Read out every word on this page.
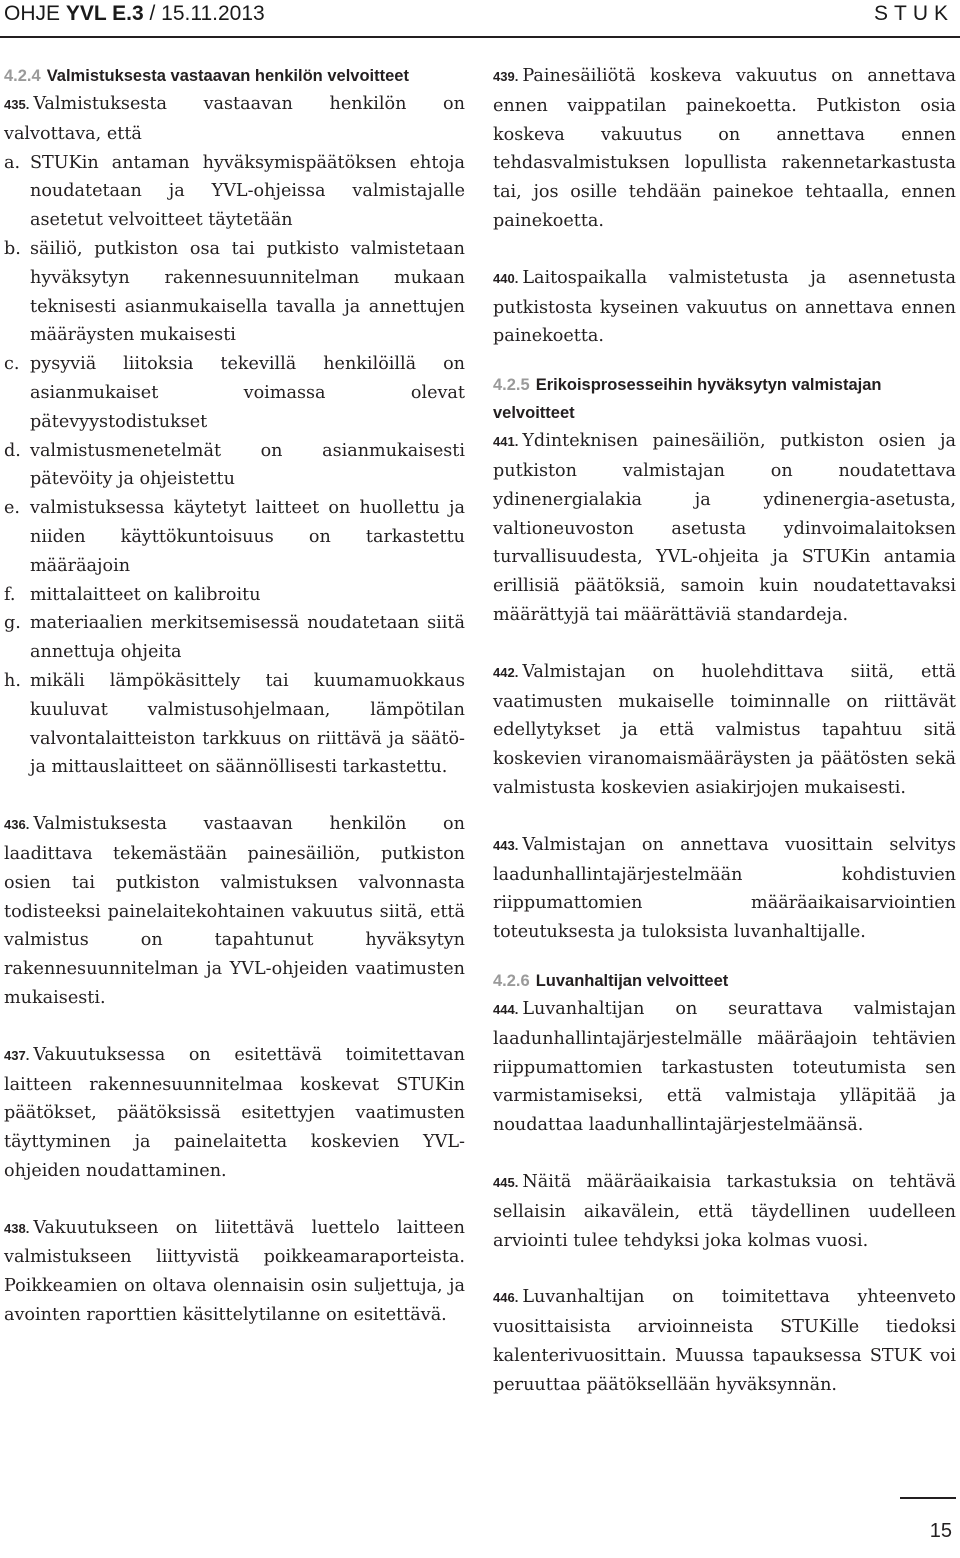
OHJE YVL E.3 / 15.11.2013	STUK

4.2.4 Valmistuksesta vastaavan henkilön velvoitteet

435. Valmistuksesta vastaavan henkilön on valvottava, että

a. STUKin antaman hyväksymispäätöksen ehtoja noudatetaan ja YVL-ohjeissa valmistajalle asetetut velvoitteet täytetään
b. säiliö, putkiston osa tai putkisto valmistetaan hyväksytyn rakennesuunnitelman mukaan teknisesti asianmukaisella tavalla ja annettujen määräysten mukaisesti
c. pysyviä liitoksia tekevillä henkilöillä on asianmukaiset voimassa olevat pätevyystodistukset
d. valmistusmenetelmät on asianmukaisesti pätevöity ja ohjeistettu
e. valmistuksessa käytetyt laitteet on huollettu ja niiden käyttökuntoisuus on tarkastettu määräajoin
f. mittalaitteet on kalibroitu
g. materiaalien merkitsemisessä noudatetaan siitä annettuja ohjeita
h. mikäli lämpökäsittely tai kuumamuokkaus kuuluvat valmistusohjelmaan, lämpötilan valvontalaitteiston tarkkuus on riittävä ja säätö- ja mittauslaitteet on säännöllisesti tarkastettu.

436. Valmistuksesta vastaavan henkilön on laadittava tekemästään painesäiliön, putkiston osien tai putkiston valmistuksen valvonnasta todisteeksi painelaitekohtainen vakuutus siitä, että valmistus on tapahtunut hyväksytyn rakennesuunnitelman ja YVL-ohjeiden vaatimusten mukaisesti.

437. Vakuutuksessa on esitettävä toimitettavan laitteen rakennesuunnitelmaa koskevat STUKin päätökset, päätöksissä esitettyjen vaatimusten täyttyminen ja painelaitetta koskevien YVL-ohjeiden noudattaminen.

438. Vakuutukseen on liitettävä luettelo laitteen valmistukseen liittyvistä poikkeamaraporteista. Poikkeamien on oltava olennaisin osin suljettuja, ja avointen raporttien käsittelytilanne on esitettävä.

439. Painesäiliötä koskeva vakuutus on annettava ennen vaippatilan painekoetta. Putkiston osia koskeva vakuutus on annettava ennen tehdasvalmistuksen lopullista rakennetarkastusta tai, jos osille tehdään painekoe tehtaalla, ennen painekoetta.

440. Laitospaikalla valmistetusta ja asennetusta putkistosta kyseinen vakuutus on annettava ennen painekoetta.

4.2.5 Erikoisprosesseihin hyväksytyn valmistajan velvoitteet

441. Ydinteknisen painesäiliön, putkiston osien ja putkiston valmistajan on noudatettava ydinenergialakia ja ydinenergia-asetusta, valtioneuvoston asetusta ydinvoimalaitoksen turvallisuudesta, YVL-ohjeita ja STUKin antamia erillisiä päätöksiä, samoin kuin noudatettavaksi määrättyjä tai määrättäviä standardeja.

442. Valmistajan on huolehdittava siitä, että vaatimusten mukaiselle toiminnalle on riittävät edellytykset ja että valmistus tapahtuu sitä koskevien viranomaismääräysten ja päätösten sekä valmistusta koskevien asiakirjojen mukaisesti.

443. Valmistajan on annettava vuosittain selvitys laadunhallintajärjestelmään kohdistuvien riippumattomien määräaikaisarviointien toteutuksesta ja tuloksista luvanhaltijalle.

4.2.6 Luvanhaltijan velvoitteet

444. Luvanhaltijan on seurattava valmistajan laadunhallintajärjestelmälle määräajoin tehtävien riippumattomien tarkastusten toteutumista sen varmistamiseksi, että valmistaja ylläpitää ja noudattaa laadunhallintajärjestelmäänsä.

445. Näitä määräaikaisia tarkastuksia on tehtävä sellaisin aikavälein, että täydellinen uudelleen arviointi tulee tehdyksi joka kolmas vuosi.

446. Luvanhaltijan on toimitettava yhteenveto vuosittaisista arvioinneista STUKille tiedoksi kalenterivuosittain. Muussa tapauksessa STUK voi peruuttaa päätöksellään hyväksynnän.

15
